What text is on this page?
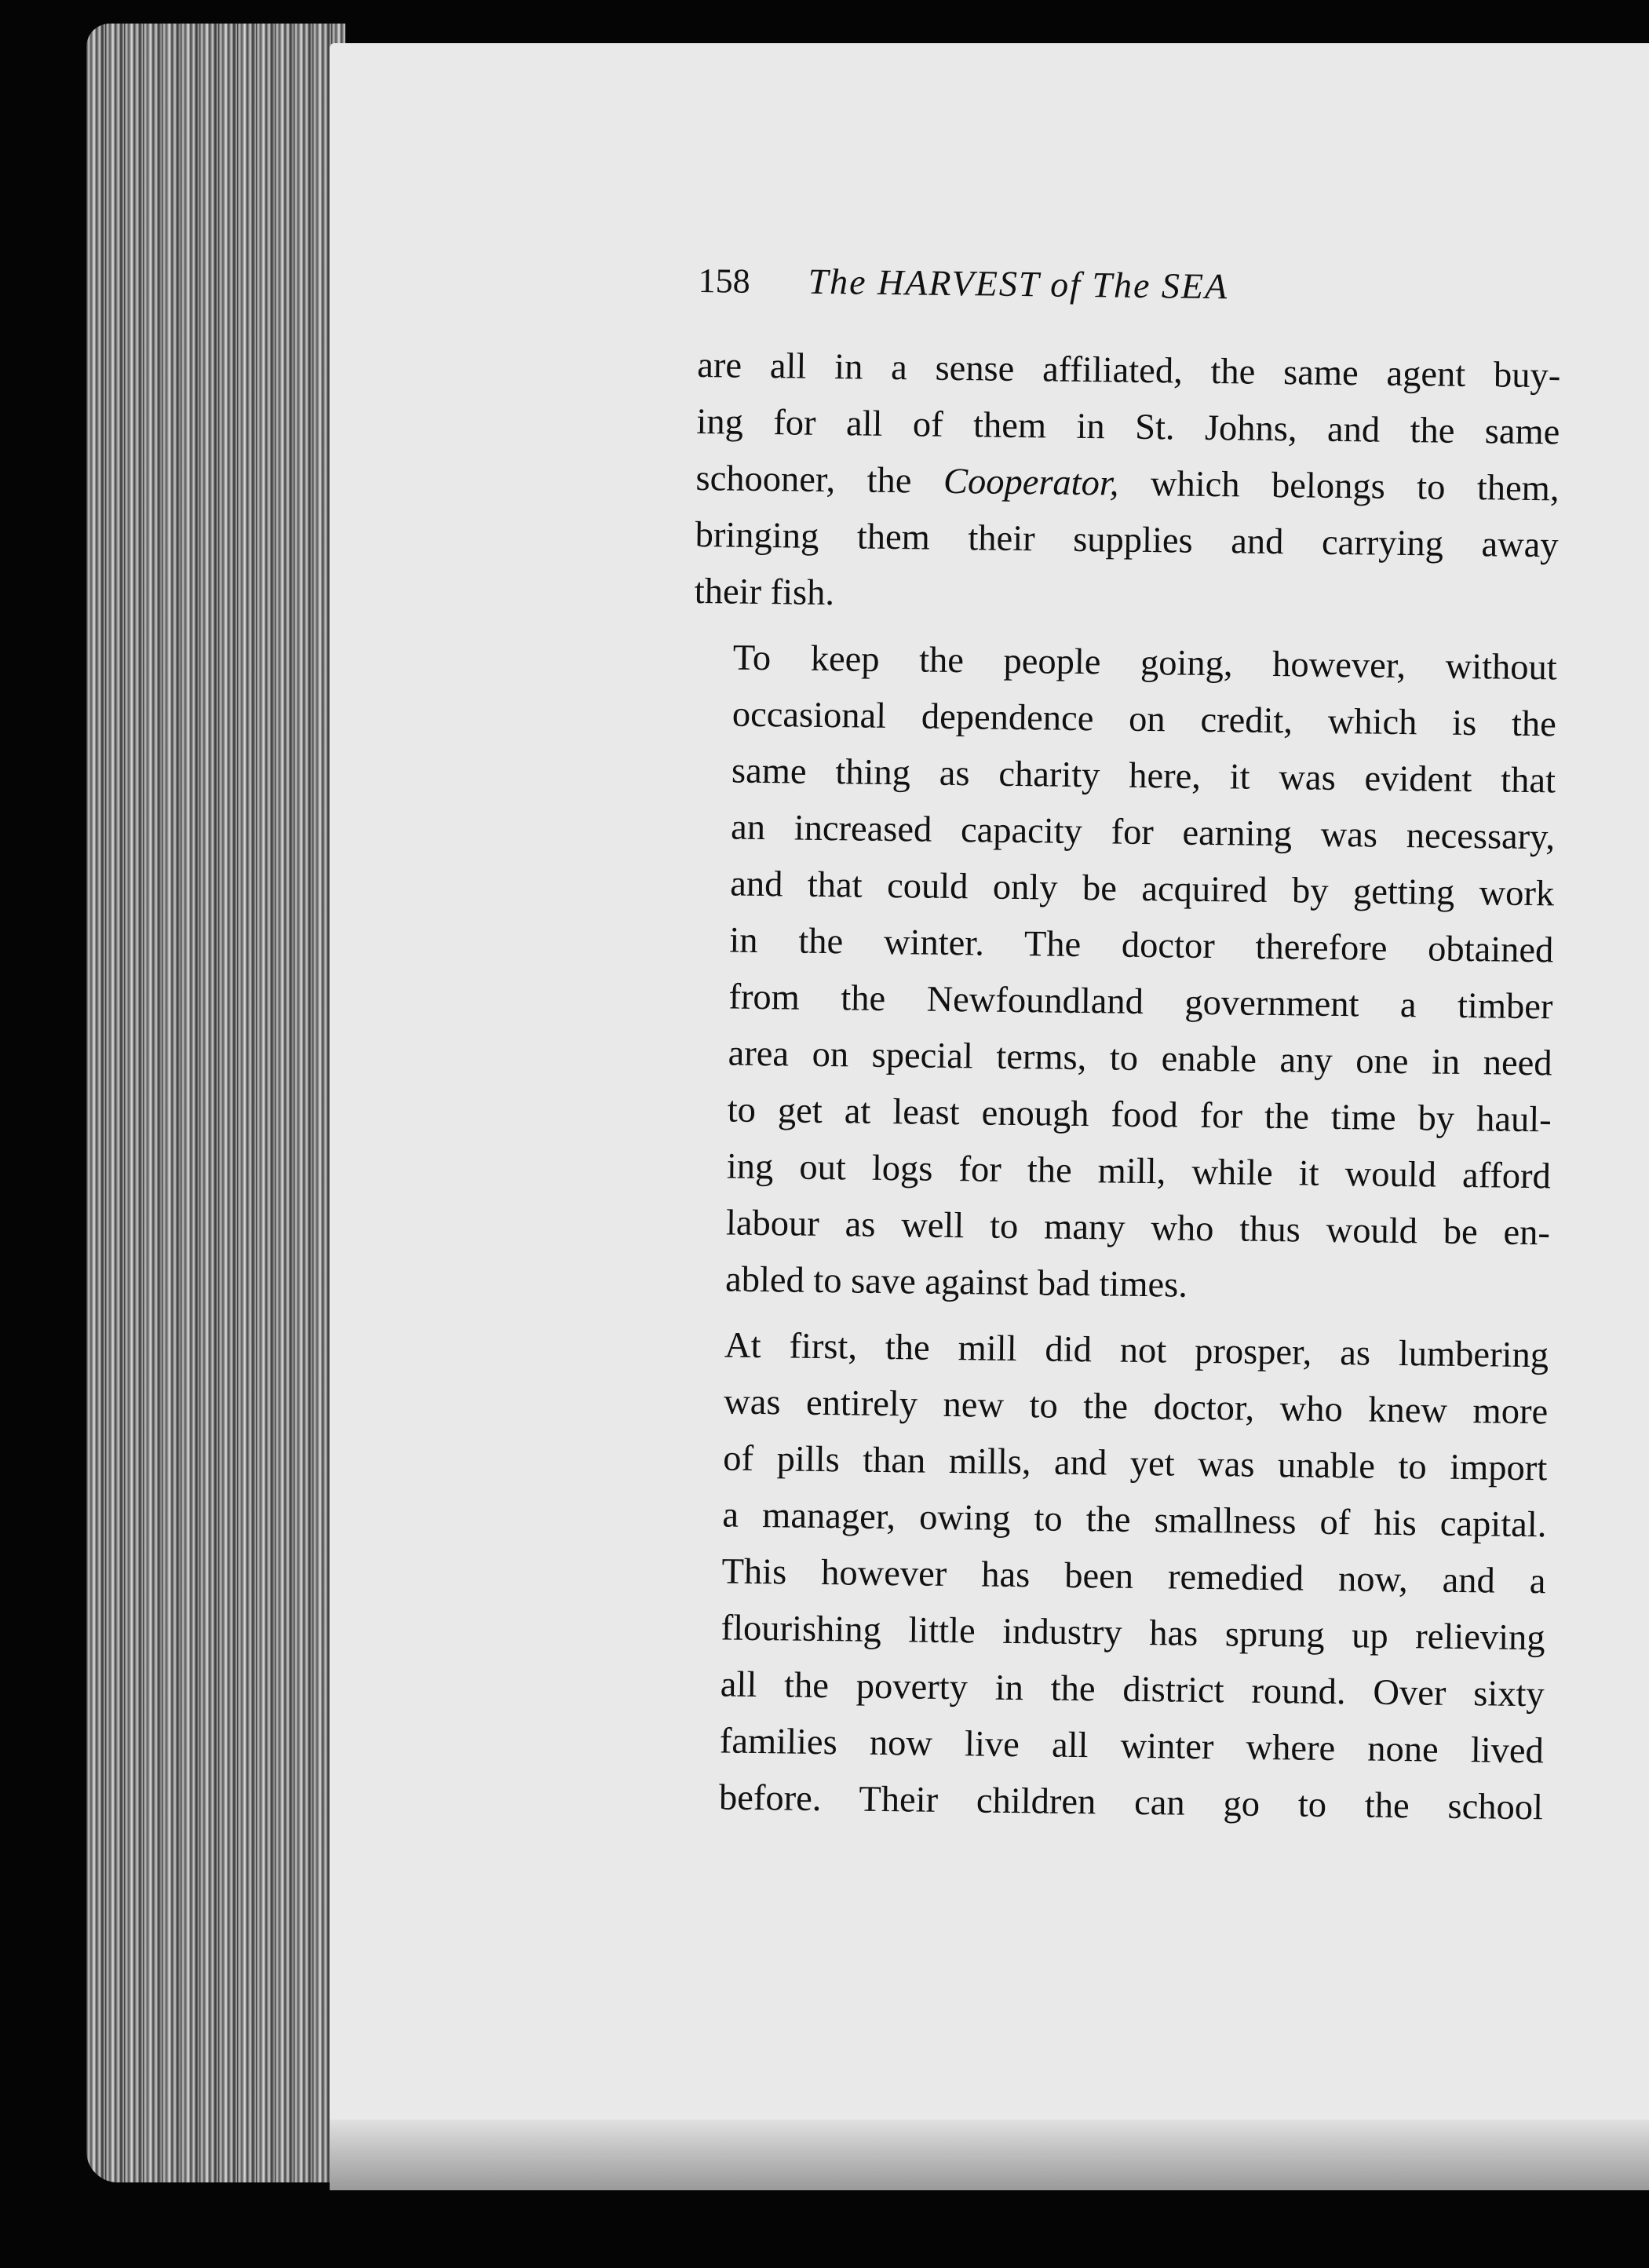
158	The HARVEST of The SEA

are all in a sense affiliated, the same agent buy-
ing for all of them in St. Johns, and the same
schooner, the Cooperator, which belongs to them,
bringing them their supplies and carrying away
their fish.

To keep the people going, however, without
occasional dependence on credit, which is the
same thing as charity here, it was evident that
an increased capacity for earning was necessary,
and that could only be acquired by getting work
in the winter. The doctor therefore obtained
from the Newfoundland government a timber
area on special terms, to enable any one in need
to get at least enough food for the time by haul-
ing out logs for the mill, while it would afford
labour as well to many who thus would be en-
abled to save against bad times.

At first, the mill did not prosper, as lumbering
was entirely new to the doctor, who knew more
of pills than mills, and yet was unable to import
a manager, owing to the smallness of his capital.
This however has been remedied now, and a
flourishing little industry has sprung up relieving
all the poverty in the district round. Over sixty
families now live all winter where none lived
before. Their children can go to the school
